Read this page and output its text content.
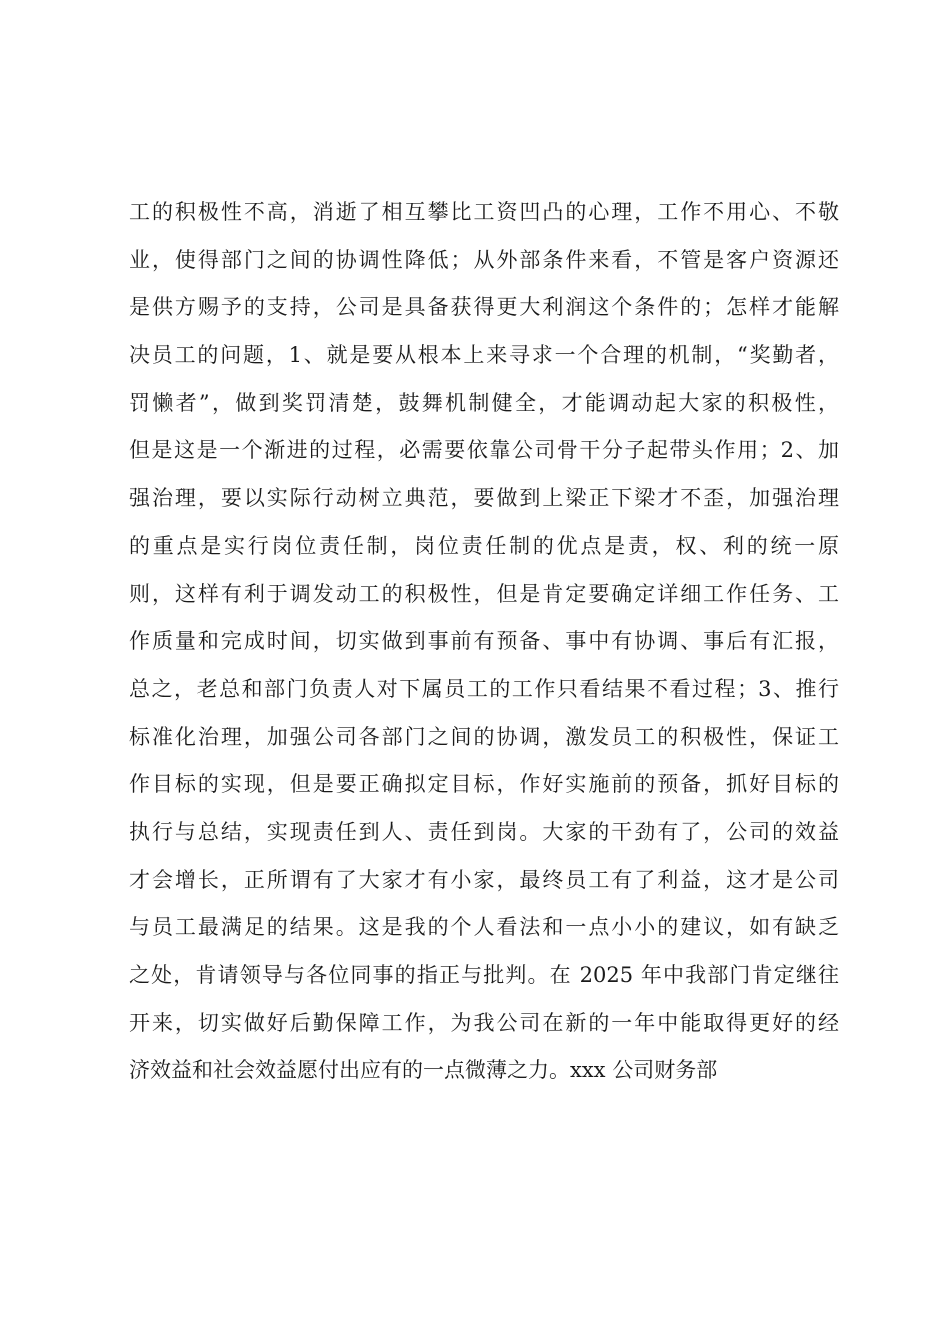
工的积极性不高，消逝了相互攀比工资凹凸的心理，工作不用心、不敬
业，使得部门之间的协调性降低；从外部条件来看，不管是客户资源还
是供方赐予的支持，公司是具备获得更大利润这个条件的；怎样才能解
决员工的问题，1、就是要从根本上来寻求一个合理的机制，“奖勤者，
罚懒者”，做到奖罚清楚，鼓舞机制健全，才能调动起大家的积极性，
但是这是一个渐进的过程，必需要依靠公司骨干分子起带头作用；2、加
强治理，要以实际行动树立典范，要做到上梁正下梁才不歪，加强治理
的重点是实行岗位责任制，岗位责任制的优点是责，权、利的统一原
则，这样有利于调发动工的积极性，但是肯定要确定详细工作任务、工
作质量和完成时间，切实做到事前有预备、事中有协调、事后有汇报，
总之，老总和部门负责人对下属员工的工作只看结果不看过程；3、推行
标准化治理，加强公司各部门之间的协调，激发员工的积极性，保证工
作目标的实现，但是要正确拟定目标，作好实施前的预备，抓好目标的
执行与总结，实现责任到人、责任到岗。大家的干劲有了，公司的效益
才会增长，正所谓有了大家才有小家，最终员工有了利益，这才是公司
与员工最满足的结果。这是我的个人看法和一点小小的建议，如有缺乏
之处，肯请领导与各位同事的指正与批判。在 2025 年中我部门肯定继往
开来，切实做好后勤保障工作，为我公司在新的一年中能取得更好的经
济效益和社会效益愿付出应有的一点微薄之力。xxx 公司财务部
